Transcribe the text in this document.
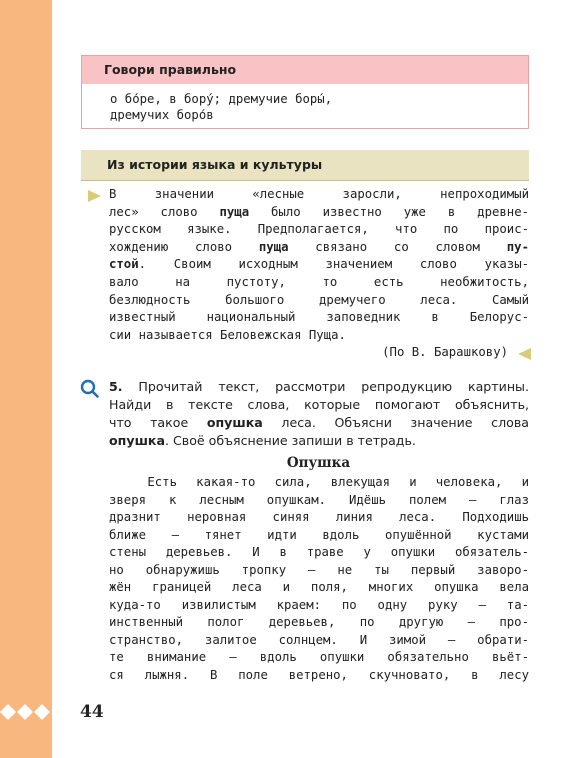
44
Говори правильно
о бо́ре, в бору́; дремучие боры́,
дремучих боро́в
Из истории языка и культуры
В значении «лесные заросли, непроходимый
лес» слово пуща было известно уже в древне-
русском языке. Предполагается, что по проис-
хождению слово пуща связано со словом пу-
стой. Своим исходным значением слово указы-
вало на пустоту, то есть необжитость,
безлюдность большого дремучего леса. Самый
известный национальный заповедник в Белорус-
сии называется Беловежская Пуща.
(По В. Барашкову)
5. Прочитай текст, рассмотри репродукцию картины.
Найди в тексте слова, которые помогают объяснить,
что такое опушка леса. Объясни значение слова
опушка. Своё объяснение запиши в тетрадь.
Опушка
Есть какая-то сила, влекущая и человека, и
зверя к лесным опушкам. Идёшь полем — глаз
дразнит неровная синяя линия леса. Подходишь
ближе — тянет идти вдоль опушённой кустами
стены деревьев. И в траве у опушки обязатель-
но обнаружишь тропку — не ты первый заворо-
жён границей леса и поля, многих опушка вела
куда-то извилистым краем: по одну руку — та-
инственный полог деревьев, по другую — про-
странство, залитое солнцем. И зимой — обрати-
те внимание — вдоль опушки обязательно вьёт-
ся лыжня. В поле ветрено, скучновато, в лесу
